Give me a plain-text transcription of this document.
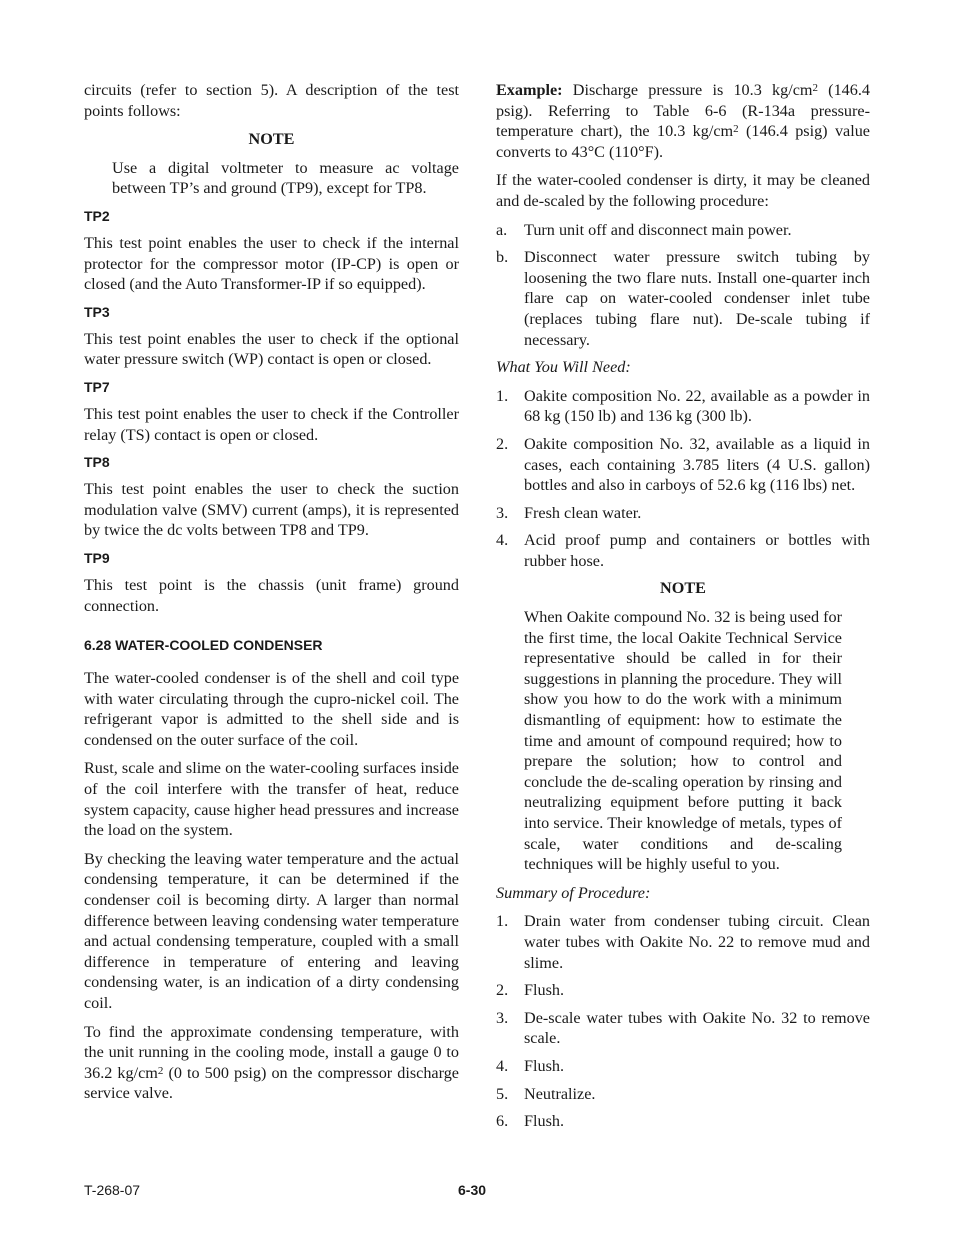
circuits (refer to section 5). A description of the test points follows:

NOTE

Use a digital voltmeter to measure ac voltage between TP’s and ground (TP9), except for TP8.

TP2

This test point enables the user to check if the internal protector for the compressor motor (IP-CP) is open or closed (and the Auto Transformer-IP if so equipped).

TP3

This test point enables the user to check if the optional water pressure switch (WP) contact is open or closed.

TP7

This test point enables the user to check if the Controller relay (TS) contact is open or closed.

TP8

This test point enables the user to check the suction modulation valve (SMV) current (amps), it is represented by twice the dc volts between TP8 and TP9.

TP9

This test point is the chassis (unit frame) ground connection.

6.28 WATER-COOLED CONDENSER

The water-cooled condenser is of the shell and coil type with water circulating through the cupro-nickel coil. The refrigerant vapor is admitted to the shell side and is condensed on the outer surface of the coil.

Rust, scale and slime on the water-cooling surfaces inside of the coil interfere with the transfer of heat, reduce system capacity, cause higher head pressures and increase the load on the system.

By checking the leaving water temperature and the actual condensing temperature, it can be determined if the condenser coil is becoming dirty. A larger than normal difference between leaving condensing water temperature and actual condensing temperature, coupled with a small difference in temperature of entering and leaving condensing water, is an indication of a dirty condensing coil.

To find the approximate condensing temperature, with the unit running in the cooling mode, install a gauge 0 to 36.2 $kg/cm^2$ (0 to 500 psig) on the compressor discharge service valve.

Example: Discharge pressure is 10.3 $kg/cm^2$ (146.4 psig). Referring to Table 6-6 (R-134a pressure-temperature chart), the 10.3 $kg/cm^2$ (146.4 psig) value converts to 43°C (110°F).

If the water-cooled condenser is dirty, it may be cleaned and de-scaled by the following procedure:

a.	Turn unit off and disconnect main power.
b. Disconnect water pressure switch tubing by loosening the two flare nuts. Install one-quarter inch flare cap on water-cooled condenser inlet tube (replaces tubing flare nut). De-scale tubing if necessary.

What You Will Need:

1. Oakite composition No. 22, available as a powder in 68 kg (150 lb) and 136 kg (300 lb).
2. Oakite composition No. 32, available as a liquid in cases, each containing 3.785 liters (4 U.S. gallon) bottles and also in carboys of 52.6 kg (116 lbs) net.
3. Fresh clean water.
4. Acid proof pump and containers or bottles with rubber hose.
NOTE

When Oakite compound No. 32 is being used for the first time, the local Oakite Technical Service representative should be called in for their suggestions in planning the procedure. They will show you how to do the work with a minimum dismantling of equipment: how to estimate the time and amount of compound required; how to prepare the solution; how to control and conclude the de-scaling operation by rinsing and neutralizing equipment before putting it back into service. Their knowledge of metals, types of scale, water conditions and de-scaling techniques will be highly useful to you.

Summary of Procedure:

1. Drain water from condenser tubing circuit. Clean water tubes with Oakite No. 22 to remove mud and slime.
2. Flush.
3. De-scale water tubes with Oakite No. 32 to remove scale.
4. Flush.
5. Neutralize.
6. Flush.
T-268-07	6-30
